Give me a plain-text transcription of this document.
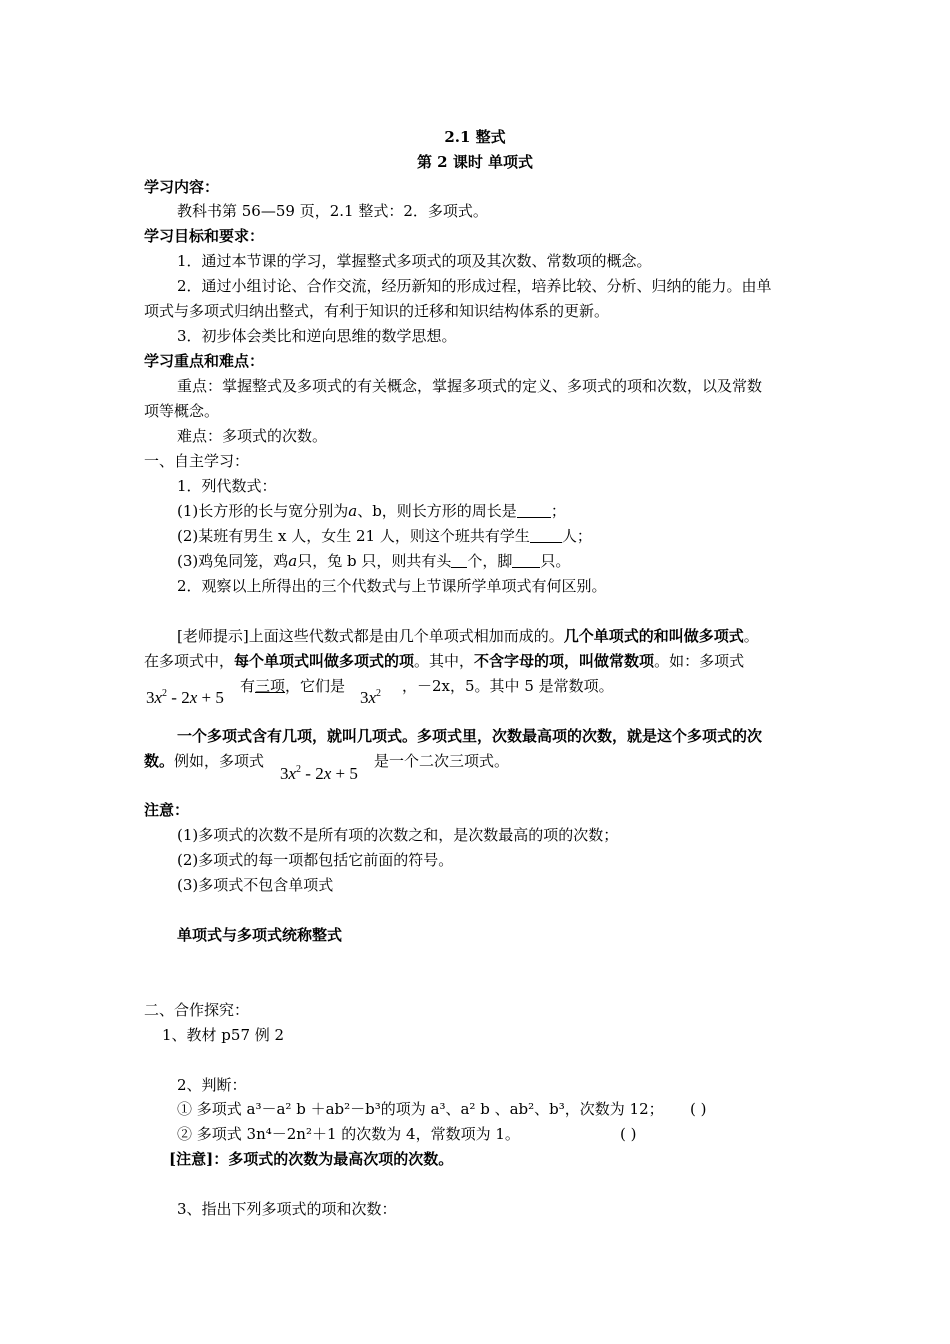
2.1 整式
第 2 课时 单项式
学习内容：
教科书第 56—59 页，2.1 整式：2．多项式。
学习目标和要求：
1．通过本节课的学习，掌握整式多项式的项及其次数、常数项的概念。
2．通过小组讨论、合作交流，经历新知的形成过程，培养比较、分析、归纳的能力。由单
项式与多项式归纳出整式，有利于知识的迁移和知识结构体系的更新。
3．初步体会类比和逆向思维的数学思想。
学习重点和难点：
重点：掌握整式及多项式的有关概念，掌握多项式的定义、多项式的项和次数，以及常数
项等概念。
难点：多项式的次数。
一、自主学习：
1．列代数式：
(1)长方形的长与宽分别为a、b，则长方形的周长是 ；
(2)某班有男生 x 人，女生 21 人，则这个班共有学生 人；
(3)鸡兔同笼，鸡a只，兔 b 只，则共有头 个，脚 只。
2．观察以上所得出的三个代数式与上节课所学单项式有何区别。
[老师提示]上面这些代数式都是由几个单项式相加而成的。几个单项式的和叫做多项式。
在多项式中，每个单项式叫做多项式的项。其中，不含字母的项，叫做常数项。如：多项式
$3x^2 - 2x + 5$
有三项，它们是
$3x^2$ ，－2x，5。其中 5 是常数项。
一个多项式含有几项，就叫几项式。多项式里，次数最高项的次数，就是这个多项式的次
数。例如，多项式
$3x^2 - 2x + 5$
是一个二次三项式。
注意：
(1)多项式的次数不是所有项的次数之和，是次数最高的项的次数；
(2)多项式的每一项都包括它前面的符号。
(3)多项式不包含单项式
单项式与多项式统称整式
二、合作探究：
1、教材 p57 例 2
2、判断：
① 多项式 a³－a² b ＋ab²－b³的项为 a³、a² b 、ab²、b³，次数为 12； ( )
② 多项式 3n⁴－2n²＋1 的次数为 4，常数项为 1。	( )
[注意]：多项式的次数为最高次项的次数。
3、指出下列多项式的项和次数：
